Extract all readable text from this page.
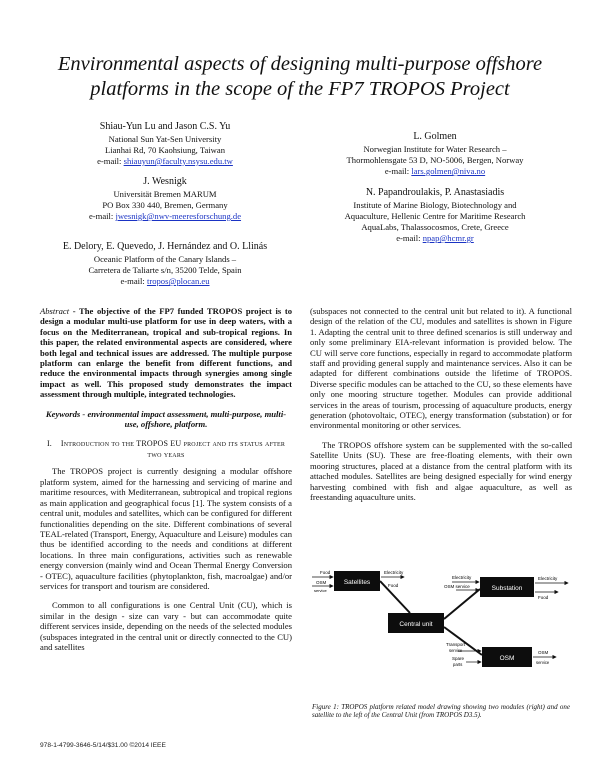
Environmental aspects of designing multi-purpose offshore
platforms in the scope of the FP7 TROPOS Project
Shiau-Yun Lu and Jason C.S. Yu
National Sun Yat-Sen University
Lianhai Rd, 70 Kaohsiung, Taiwan
e-mail: shiauyun@faculty.nsysu.edu.tw
J. Wesnigk
Universität Bremen MARUM
PO Box 330 440, Bremen, Germany
e-mail: jwesnigk@nwv-meeresforschung.de
E. Delory, E. Quevedo, J. Hernández and O. Llinás
Oceanic Platform of the Canary Islands –
Carretera de Taliarte s/n, 35200 Telde, Spain
e-mail: tropos@plocan.eu
L. Golmen
Norwegian Institute for Water Research –
Thormohlensgate 53 D, NO-5006, Bergen, Norway
e-mail: lars.golmen@niva.no
N. Papandroulakis, P. Anastasiadis
Institute of Marine Biology, Biotechnology and
Aquaculture, Hellenic Centre for Maritime Research
AquaLabs, Thalassocosmos, Crete, Greece
e-mail: npap@hcmr.gr

Abstract - The objective of the FP7 funded TROPOS project is to design a modular multi-use platform for use in deep waters, with a focus on the Mediterranean, tropical and sub-tropical regions. In this paper, the related environmental aspects are considered, where both legal and technical issues are addressed. The multiple purpose platform can enlarge the benefit from different functions, and reduce the environmental impacts through synergies among single impact as well. This proposed study demonstrates the impact assessment through multiple, integrated technologies.

Keywords - environmental impact assessment, multi-purpose, multi-use, offshore, platform.

I. Introduction to the TROPOS EU project and its status after two years

The TROPOS project is currently designing a modular offshore platform system, aimed for the harnessing and servicing of marine and maritime resources, with Mediterranean, subtropical and tropical regions as main application and geographical focus [1]. The system consists of a central unit, modules and satellites, which can be configured for different functionalities depending on the site. Different combinations of several TEAL-related (Transport, Energy, Aquaculture and Leisure) modules can thus be identified according to the needs and conditions at different locations. In three main configurations, activities such as renewable energy conversion (mainly wind and Ocean Thermal Energy Conversion - OTEC), aquaculture facilities (phytoplankton, fish, macroalgae) and/or services for transport and tourism are considered.

Common to all configurations is one Central Unit (CU), which is similar in the design - size can vary - but can accommodate quite different services inside, depending on the needs of the selected modules (subspaces integrated in the central unit or directly connected to the CU) and satellites

(subspaces not connected to the central unit but related to it). A functional design of the relation of the CU, modules and satellites is shown in Figure 1. Adapting the central unit to three defined scenarios is still underway and only some preliminary EIA-relevant information is provided below. The CU will serve core functions, especially in regard to accommodate platform staff and providing general supply and maintenance services. Also it can be adapted for different combinations outside the lifetime of TROPOS. Diverse specific modules can be attached to the CU, so these elements have only one mooring structure together. Modules can provide additional services in the areas of tourism, processing of aquaculture products, energy generation (photovoltaic, OTEC), energy transformation (substation) or for environmental monitoring or other services.

The TROPOS offshore system can be supplemented with the so-called Satellite Units (SU). These are free-floating elements, with their own mooring structures, placed at a distance from the central platform with its attached modules. Satellites are being designed especially for wind energy harvesting combined with fish and algae aquaculture, as well as freestanding aquaculture units.

Satellites
Substation
Central unit
OSM
Food
OSM
service
Electricity
Food
Electricity
OSM service
Electricity
Food
Transport
service
Spare
parts
OSM
service
Figure 1: TROPOS platform related model drawing showing two modules (right) and one satellite to the left of the Central Unit (from TROPOS D3.5).
978-1-4799-3646-5/14/$31.00 ©2014 IEEE
